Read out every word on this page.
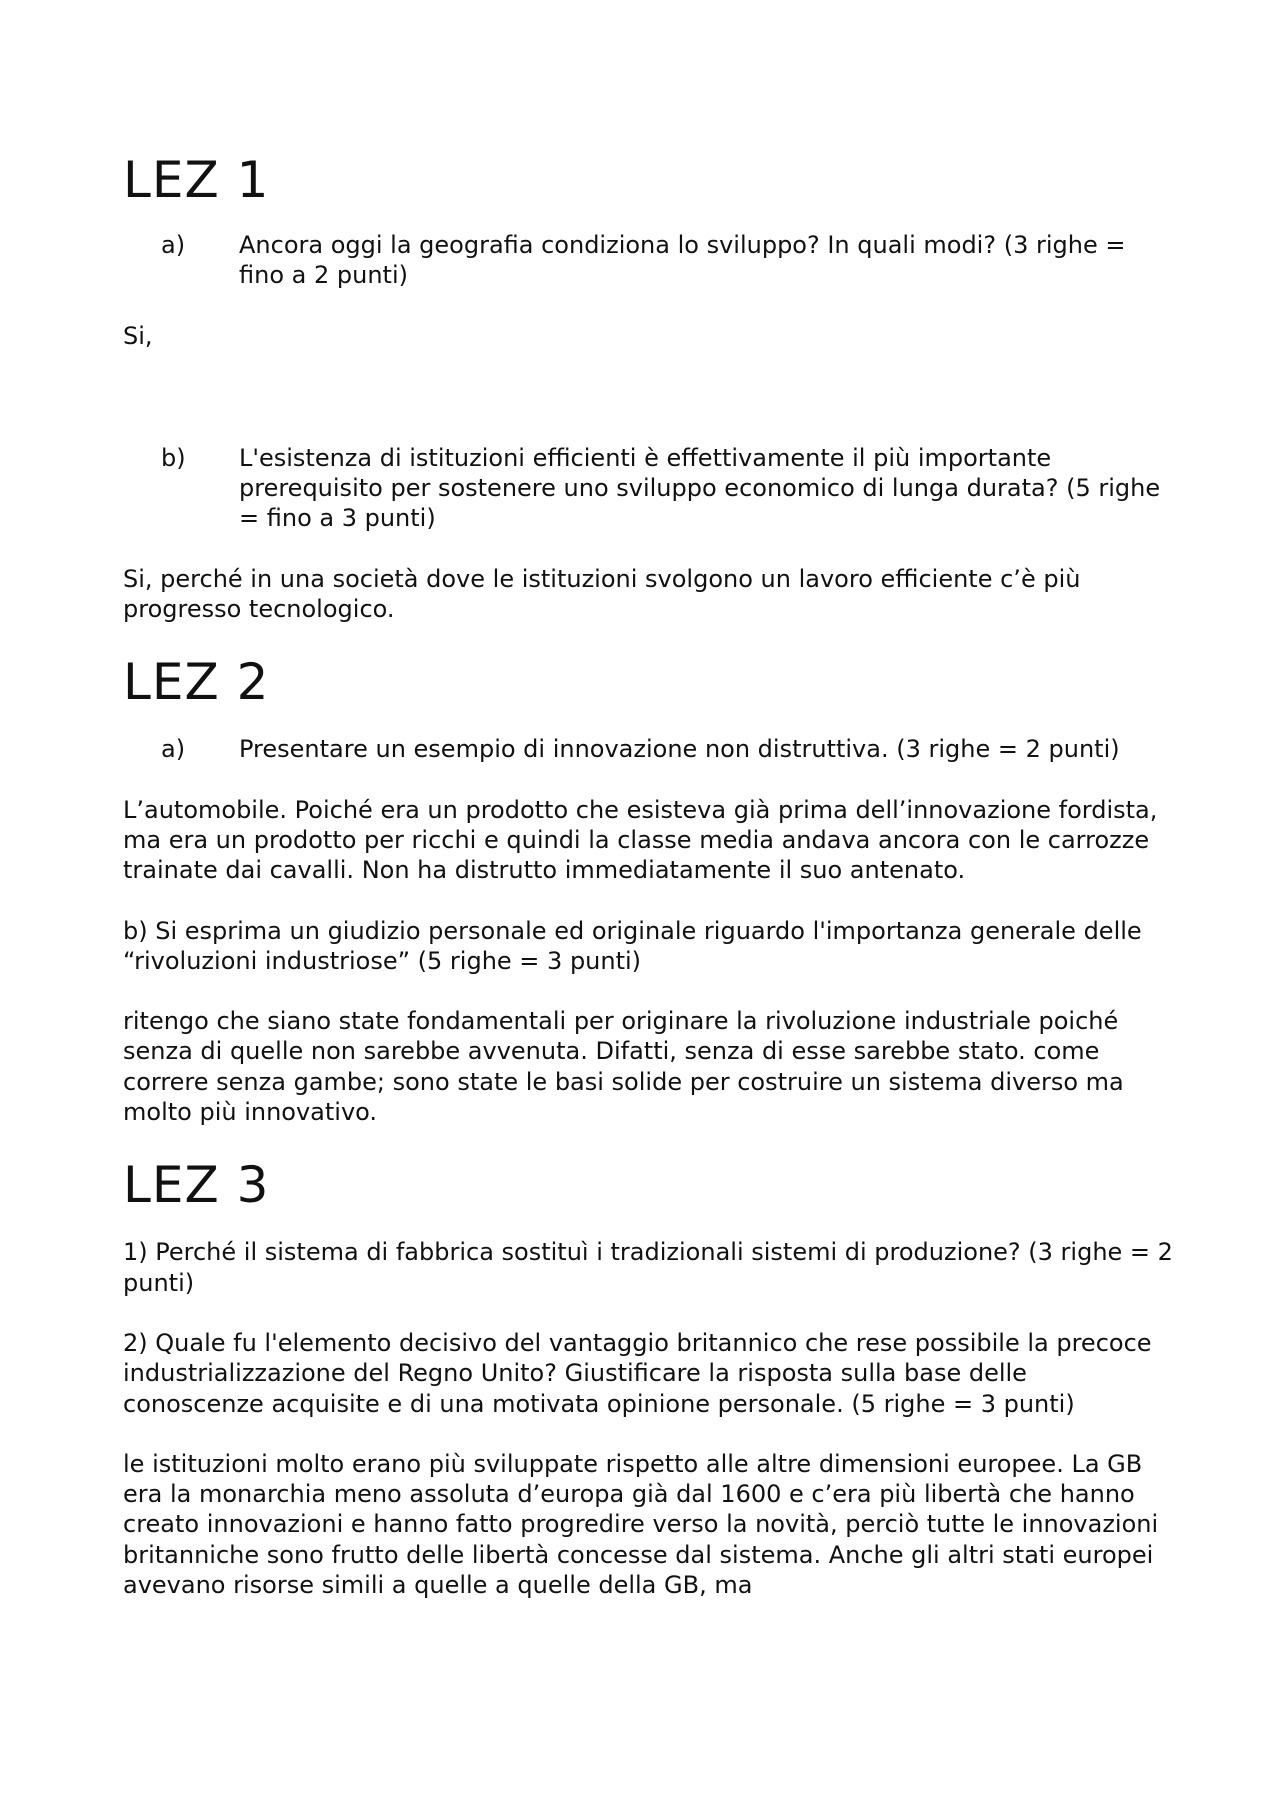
LEZ 1
a) Ancora oggi la geografia condiziona lo sviluppo? In quali modi? (3 righe = fino a 2 punti)

Si,

b) L'esistenza di istituzioni efficienti è effettivamente il più importante prerequisito per sostenere uno sviluppo economico di lunga durata? (5 righe = fino a 3 punti)

Si, perché in una società dove le istituzioni svolgono un lavoro efficiente c’è più progresso tecnologico.

LEZ 2
a) Presentare un esempio di innovazione non distruttiva. (3 righe = 2 punti)

L’automobile. Poiché era un prodotto che esisteva già prima dell’innovazione fordista, ma era un prodotto per ricchi e quindi la classe media andava ancora con le carrozze trainate dai cavalli. Non ha distrutto immediatamente il suo antenato.

b) Si esprima un giudizio personale ed originale riguardo l'importanza generale delle “rivoluzioni industriose” (5 righe = 3 punti)

ritengo che siano state fondamentali per originare la rivoluzione industriale poiché senza di quelle non sarebbe avvenuta. Difatti, senza di esse sarebbe stato. come correre senza gambe; sono state le basi solide per costruire un sistema diverso ma molto più innovativo.

LEZ 3

1) Perché il sistema di fabbrica sostituì i tradizionali sistemi di produzione? (3 righe = 2 punti)

2) Quale fu l'elemento decisivo del vantaggio britannico che rese possibile la precoce industrializzazione del Regno Unito? Giustificare la risposta sulla base delle conoscenze acquisite e di una motivata opinione personale. (5 righe = 3 punti)

le istituzioni molto erano più sviluppate rispetto alle altre dimensioni europee. La GB era la monarchia meno assoluta d’europa già dal 1600 e c’era più libertà che hanno creato innovazioni e hanno fatto progredire verso la novità, perciò tutte le innovazioni britanniche sono frutto delle libertà concesse dal sistema. Anche gli altri stati europei avevano risorse simili a quelle a quelle della GB, ma
